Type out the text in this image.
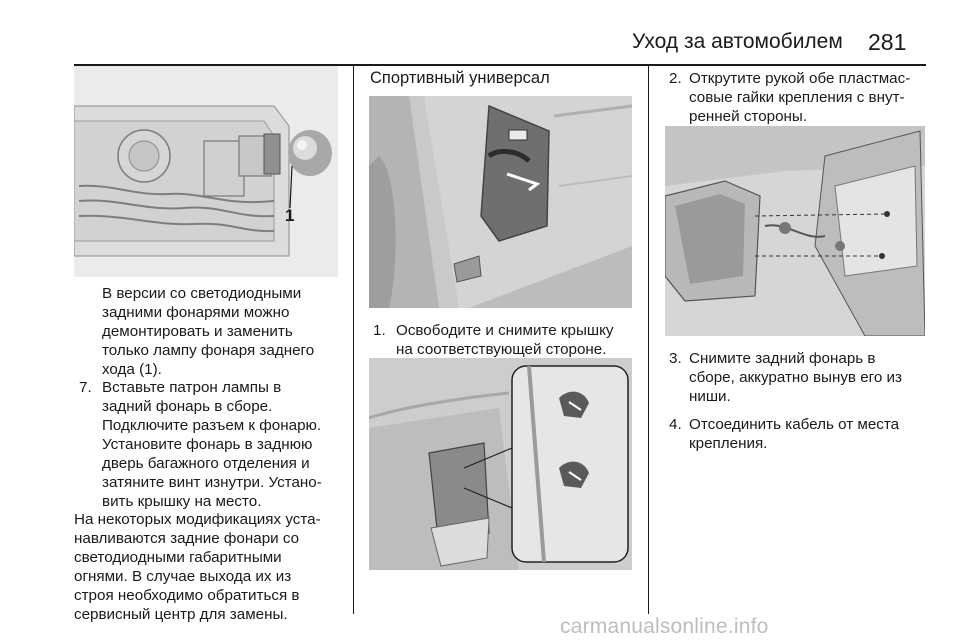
Уход за автомобилем 281
1
В версии со светодиодными
задними фонарями можно
демонтировать и заменить
только лампу фонаря заднего
хода (1).
7. Вставьте патрон лампы в
задний фонарь в сборе.
Подключите разъем к фонарю.
Установите фонарь в заднюю
дверь багажного отделения и
затяните винт изнутри. Устано-
вить крышку на место.
На некоторых модификациях уста-
навливаются задние фонари со
светодиодными габаритными
огнями. В случае выхода их из
строя необходимо обратиться в
сервисный центр для замены.
Спортивный универсал
1. Освободите и снимите крышку
на соответствующей стороне.
2. Открутите рукой обе пластмас-
совые гайки крепления с внут-
ренней стороны.
3. Снимите задний фонарь в
сборе, аккуратно вынув его из
ниши.
4. Отсоединить кабель от места
крепления.
carmanualsonline.info
